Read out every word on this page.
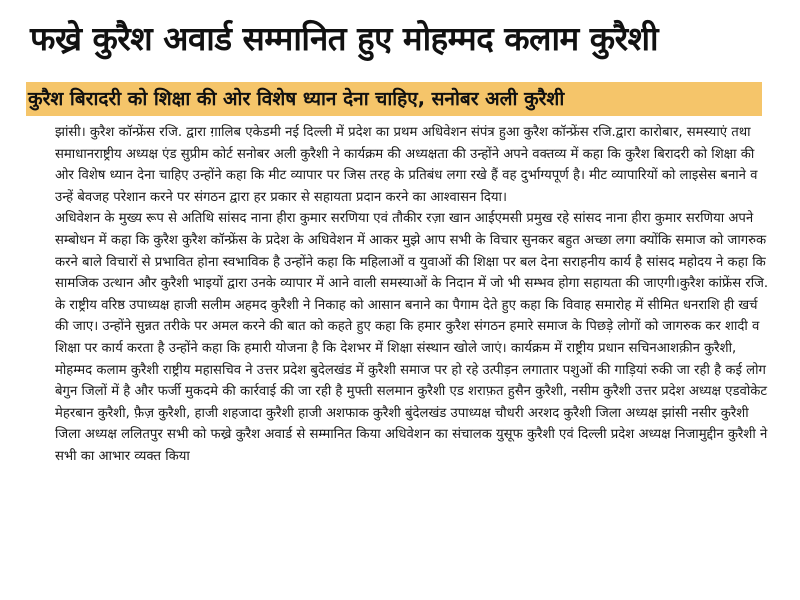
फख्रे कुरैश अवार्ड सम्मानित हुए मोहम्मद कलाम कुरैशी
कुरैश बिरादरी को शिक्षा की ओर विशेष ध्यान देना चाहिए, सनोबर अली कुरैशी

झांसी। कुरैश कॉन्फ्रेंस रजि. द्वारा ग़ालिब एकेडमी नई दिल्ली में प्रदेश का प्रथम अधिवेशन संपंत्र हुआ कुरैश कॉन्फ्रेंस रजि.द्वारा कारोबार, समस्याएं तथा समाधानराष्ट्रीय अध्यक्ष एंड सुप्रीम कोर्ट सनोबर अली कुरैशी ने कार्यक्रम की अध्यक्षता की उन्होंने अपने वक्तव्य में कहा कि कुरैश बिरादरी को शिक्षा की ओर विशेष ध्यान देना चाहिए उन्होंने कहा कि मीट व्यापार पर जिस तरह के प्रतिबंध लगा रखे हैं वह दुर्भाग्यपूर्ण है। मीट व्यापारियों को लाइसेस बनाने व उन्हें बेवजह परेशान करने पर संगठन द्वारा हर प्रकार से सहायता प्रदान करने का आश्वासन दिया।

अधिवेशन के मुख्य रूप से अतिथि सांसद नाना हीरा कुमार सरणिया एवं तौकीर रज़ा खान आईएमसी प्रमुख रहे सांसद नाना हीरा कुमार सरणिया अपने सम्बोधन में कहा कि कुरैश कुरैश कॉन्फ्रेंस के प्रदेश के अधिवेशन में आकर मुझे आप सभी के विचार सुनकर बहुत अच्छा लगा क्योंकि समाज को जागरुक करने बाले विचारों से प्रभावित होना स्वभाविक है उन्होंने कहा कि महिलाओं व युवाओं की शिक्षा पर बल देना सराहनीय कार्य है सांसद महोदय ने कहा कि सामजिक उत्थान और कुरैशी भाइयों द्वारा उनके व्यापार में आने वाली समस्याओं के निदान में जो भी सम्भव होगा सहायता की जाएगी।कुरैश कांफ्रेंस रजि. के राष्ट्रीय वरिष्ठ उपाध्यक्ष हाजी सलीम अहमद कुरैशी ने निकाह को आसान बनाने का पैगाम देते हुए कहा कि विवाह समारोह में सीमित धनराशि ही खर्च की जाए। उन्होंने सुन्नत तरीके पर अमल करने की बात को कहते हुए कहा कि हमार कुरैश संगठन हमारे समाज के पिछड़े लोगों को जागरुक कर शादी व शिक्षा पर कार्य करता है उन्होंने कहा कि हमारी योजना है कि देशभर में शिक्षा संस्थान खोले जाएं। कार्यक्रम में राष्ट्रीय प्रधान सचिनआशक़ीन कुरैशी, मोहम्मद कलाम कुरैशी राष्ट्रीय महासचिव ने उत्तर प्रदेश बुदेलखंड में कुरैशी समाज पर हो रहे उत्पीड़न लगातार पशुओं की गाड़ियां रुकी जा रही है कई लोग बेगुन जिलों में है और फर्जी मुकदमे की कार्रवाई की जा रही है मुफ्ती सलमान कुरैशी एड शराफ़त हुसैन कुरैशी, नसीम कुरैशी उत्तर प्रदेश अध्यक्ष एडवोकेट मेहरबान कुरैशी, फ़ैज़ कुरैशी, हाजी शहजादा कुरैशी हाजी अशफाक कुरैशी बुंदेलखंड उपाध्यक्ष चौधरी अरशद कुरैशी जिला अध्यक्ष झांसी नसीर कुरैशी जिला अध्यक्ष ललितपुर सभी को फख्रे कुरैश अवार्ड से सम्मानित किया अधिवेशन का संचालक युसूफ कुरैशी एवं दिल्ली प्रदेश अध्यक्ष निजामुद्दीन कुरैशी ने सभी का आभार व्यक्त किया
